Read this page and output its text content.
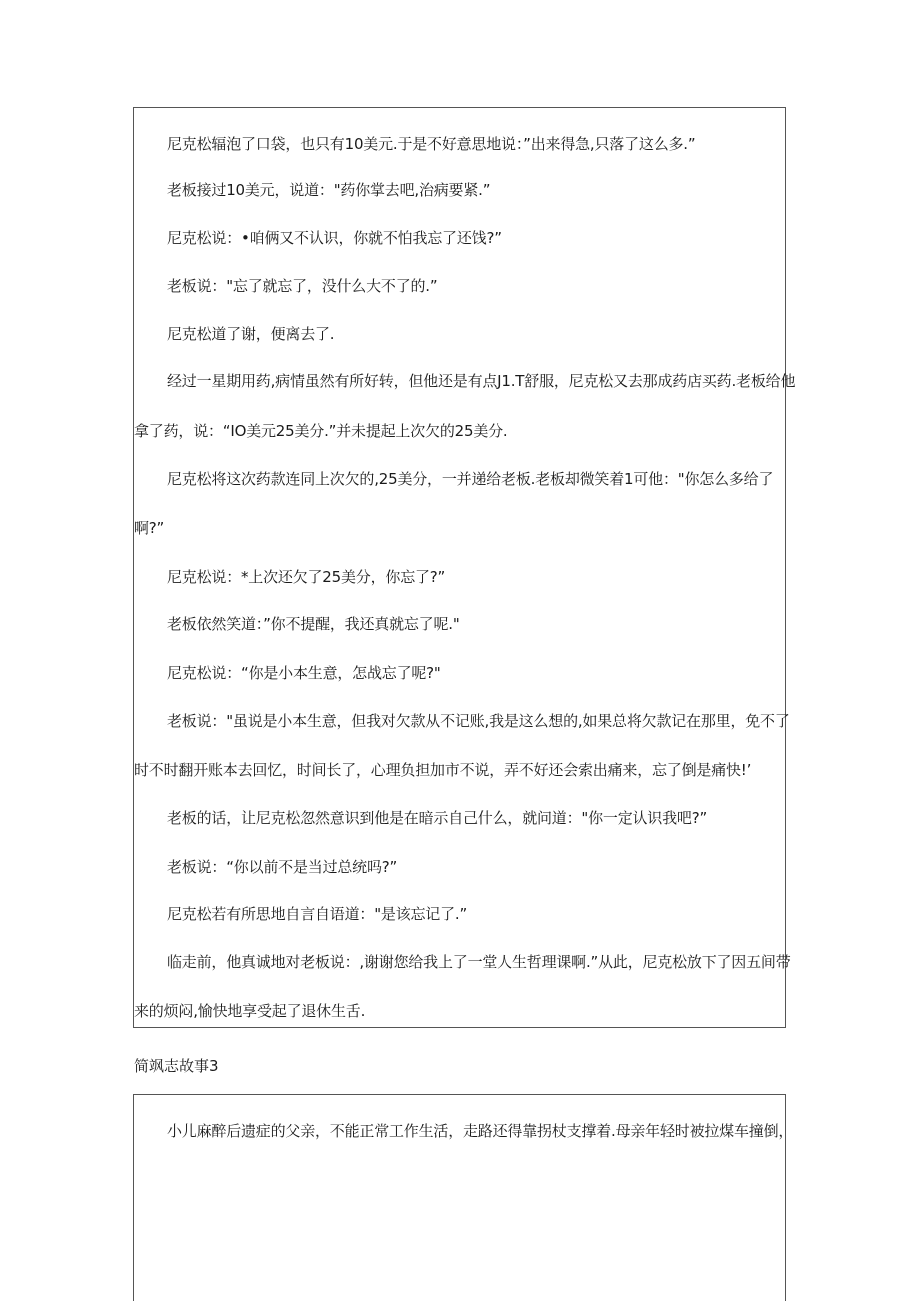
尼克松辐泡了口袋，也只有10美元.于是不好意思地说：”出来得急,只落了这么多.”

老板接过10美元，说道："药你掌去吧,治病要紧.”

尼克松说：•咱俩又不认识，你就不怕我忘了还饯?”

老板说："忘了就忘了，没什么大不了的.”

尼克松道了谢，便离去了.

经过一星期用药,病情虽然有所好转，但他还是有点J1.T舒服，尼克松又去那成药店买药.老板给他

拿了药，说：“IO美元25美分.”并未提起上次欠的25美分.

尼克松将这次药款连同上次欠的,25美分，一并递给老板.老板却微笑着1可他："你怎么多给了

啊?”

尼克松说：*上次还欠了25美分，你忘了?”

老板依然笑道：”你不提醒，我还真就忘了呢."

尼克松说：“你是小本生意，怎战忘了呢?"

老板说："虽说是小本生意，但我对欠款从不记账,我是这么想的,如果总将欠款记在那里，免不了

时不时翻开账本去回忆，时间长了，心理负担加市不说，弄不好还会索出痛来，忘了倒是痛快!’

老板的话，让尼克松忽然意识到他是在暗示自己什么，就问道："你一定认识我吧?”

老板说：“你以前不是当过总统吗?”

尼克松若有所思地自言自语道："是该忘记了.”

临走前，他真诚地对老板说：,谢谢您给我上了一堂人生哲理课啊.”从此，尼克松放下了因五间带

来的烦闷,愉快地享受起了退休生舌.

简飒志故事3

小儿麻醉后遗症的父亲，不能正常工作生活，走路还得靠拐杖支撑着.母亲年轻时被拉煤车撞倒，
